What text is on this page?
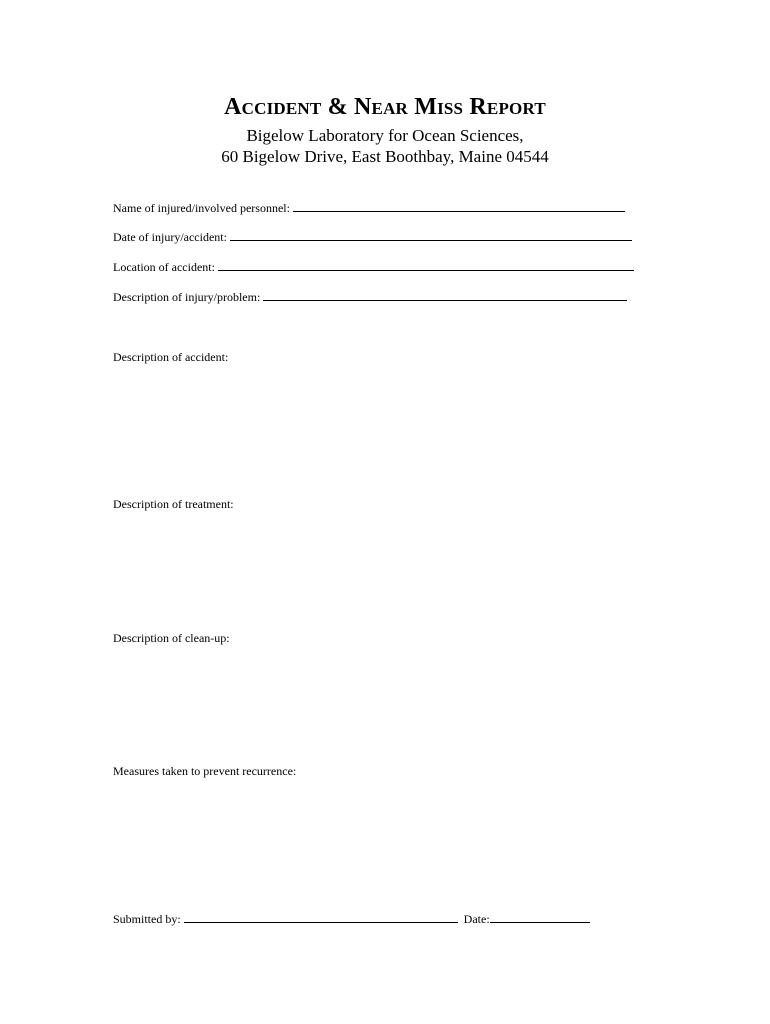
Accident & Near Miss Report
Bigelow Laboratory for Ocean Sciences,
60 Bigelow Drive, East Boothbay, Maine 04544
Name of injured/involved personnel:
Date of injury/accident:
Location of accident:
Description of injury/problem:
Description of accident:
Description of treatment:
Description of clean-up:
Measures taken to prevent recurrence:
Submitted by:	Date:
